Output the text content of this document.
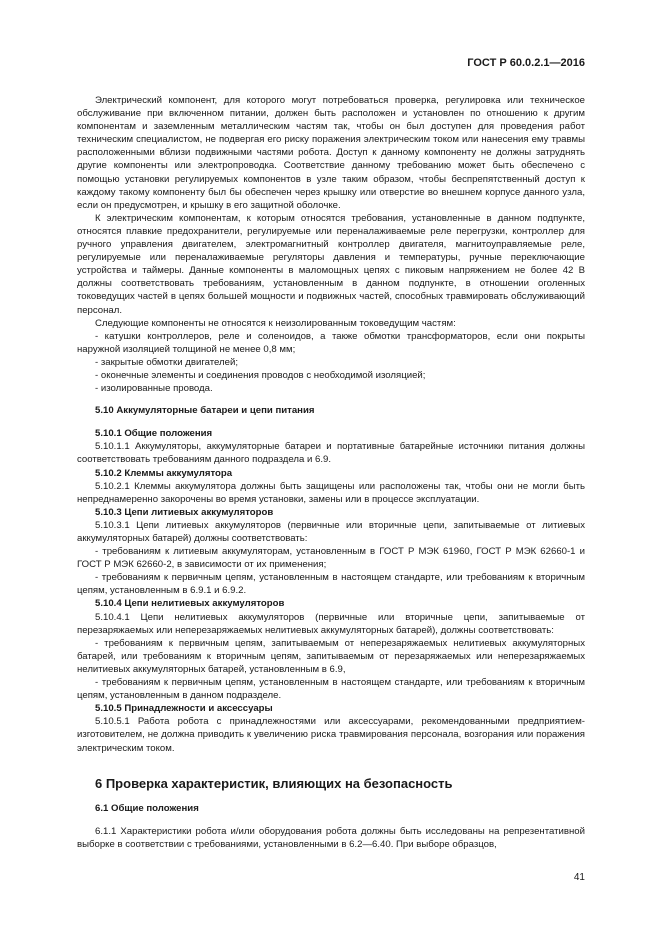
ГОСТ Р 60.0.2.1—2016

Электрический компонент, для которого могут потребоваться проверка, регулировка или техническое обслуживание при включенном питании, должен быть расположен и установлен по отношению к другим компонентам и заземленным металлическим частям так, чтобы он был доступен для проведения работ техническим специалистом, не подвергая его риску поражения электрическим током или нанесения ему травмы расположенными вблизи подвижными частями робота. Доступ к данному компоненту не должны затруднять другие компоненты или электропроводка. Соответствие данному требованию может быть обеспечено с помощью установки регулируемых компонентов в узле таким образом, чтобы беспрепятственный доступ к каждому такому компоненту был бы обеспечен через крышку или отверстие во внешнем корпусе данного узла, если он предусмотрен, и крышку в его защитной оболочке.

К электрическим компонентам, к которым относятся требования, установленные в данном подпункте, относятся плавкие предохранители, регулируемые или переналаживаемые реле перегрузки, контроллер для ручного управления двигателем, электромагнитный контроллер двигателя, магнитоуправляемые реле, регулируемые или переналаживаемые регуляторы давления и температуры, ручные переключающие устройства и таймеры. Данные компоненты в маломощных цепях с пиковым напряжением не более 42 В должны соответствовать требованиям, установленным в данном подпункте, в отношении оголенных токоведущих частей в цепях большей мощности и подвижных частей, способных травмировать обслуживающий персонал.

Следующие компоненты не относятся к неизолированным токоведущим частям:

- катушки контроллеров, реле и соленоидов, а также обмотки трансформаторов, если они покрыты наружной изоляцией толщиной не менее 0,8 мм;

- закрытые обмотки двигателей;

- оконечные элементы и соединения проводов с необходимой изоляцией;

- изолированные провода.

5.10 Аккумуляторные батареи и цепи питания

5.10.1 Общие положения

5.10.1.1 Аккумуляторы, аккумуляторные батареи и портативные батарейные источники питания должны соответствовать требованиям данного подраздела и 6.9.

5.10.2 Клеммы аккумулятора

5.10.2.1 Клеммы аккумулятора должны быть защищены или расположены так, чтобы они не могли быть непреднамеренно закорочены во время установки, замены или в процессе эксплуатации.

5.10.3 Цепи литиевых аккумуляторов

5.10.3.1 Цепи литиевых аккумуляторов (первичные или вторичные цепи, запитываемые от литиевых аккумуляторных батарей) должны соответствовать:

- требованиям к литиевым аккумуляторам, установленным в ГОСТ Р МЭК 61960, ГОСТ Р МЭК 62660-1 и ГОСТ Р МЭК 62660-2, в зависимости от их применения;

- требованиям к первичным цепям, установленным в настоящем стандарте, или требованиям к вторичным цепям, установленным в 6.9.1 и 6.9.2.

5.10.4 Цепи нелитиевых аккумуляторов

5.10.4.1 Цепи нелитиевых аккумуляторов (первичные или вторичные цепи, запитываемые от перезаряжаемых или неперезаряжаемых нелитиевых аккумуляторных батарей), должны соответствовать:

- требованиям к первичным цепям, запитываемым от неперезаряжаемых нелитиевых аккумуляторных батарей, или требованиям к вторичным цепям, запитываемым от перезаряжаемых или неперезаряжаемых нелитиевых аккумуляторных батарей, установленным в 6.9,

- требованиям к первичным цепям, установленным в настоящем стандарте, или требованиям к вторичным цепям, установленным в данном подразделе.

5.10.5 Принадлежности и аксессуары

5.10.5.1 Работа робота с принадлежностями или аксессуарами, рекомендованными предприятием-изготовителем, не должна приводить к увеличению риска травмирования персонала, возгорания или поражения электрическим током.

6 Проверка характеристик, влияющих на безопасность

6.1 Общие положения

6.1.1 Характеристики робота и/или оборудования робота должны быть исследованы на репрезентативной выборке в соответствии с требованиями, установленными в 6.2—6.40. При выборе образцов,

41
